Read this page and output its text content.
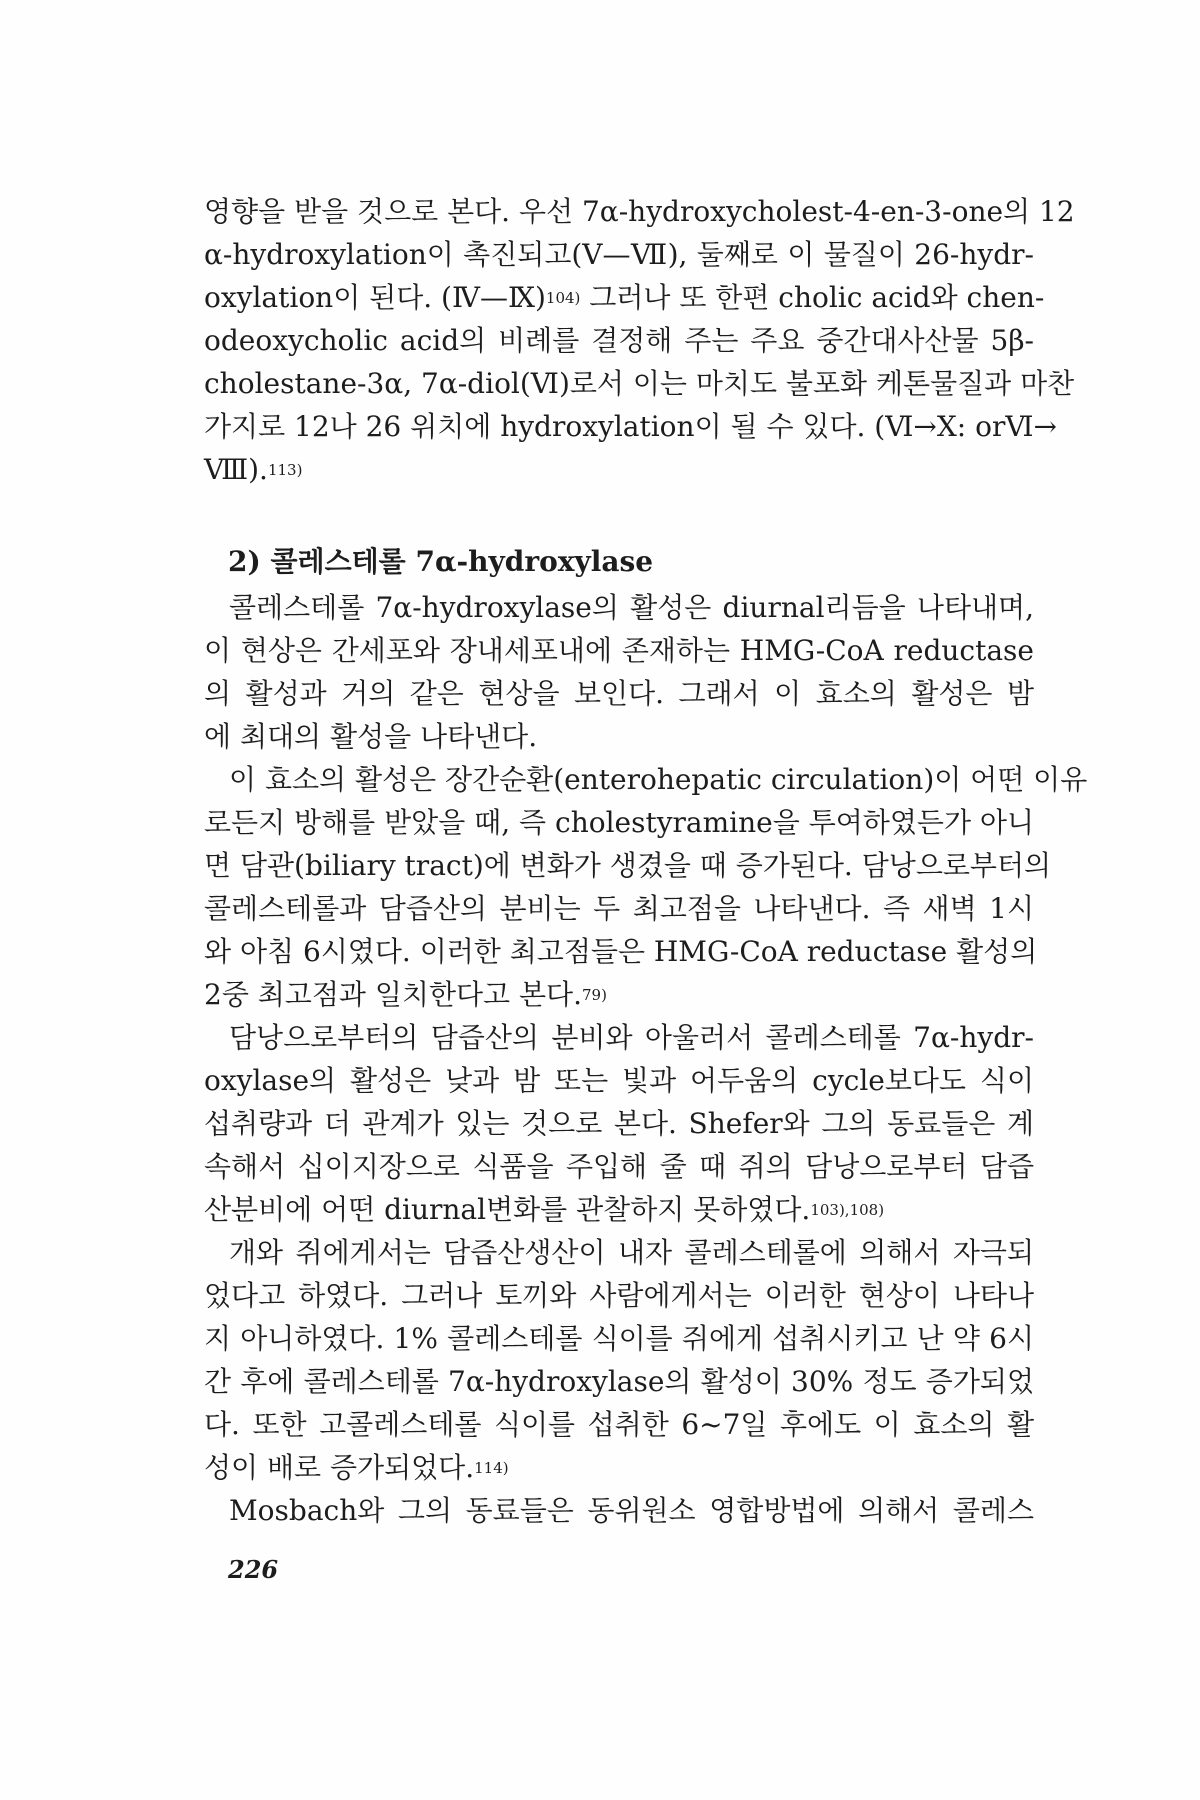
영향을 받을 것으로 본다. 우선 7α-hydroxycholest-4-en-3-one의 12
α-hydroxylation이 촉진되고(V—Ⅶ), 둘째로 이 물질이 26-hydr-
oxylation이 된다. (Ⅳ—Ⅸ)$^{104)}$ 그러나 또 한편 cholic acid와 chen-
odeoxycholic acid의 비례를 결정해 주는 주요 중간대사산물 5β-
cholestane-3α, 7α-diol(Ⅵ)로서 이는 마치도 불포화 케톤물질과 마찬
가지로 12나 26 위치에 hydroxylation이 될 수 있다. (Ⅵ→X: orⅥ→
Ⅷ).$^{113)}$
2) 콜레스테롤 7α-hydroxylase
콜레스테롤 7α-hydroxylase의 활성은 diurnal리듬을 나타내며,
이 현상은 간세포와 장내세포내에 존재하는 HMG-CoA reductase
의 활성과 거의 같은 현상을 보인다. 그래서 이 효소의 활성은 밤
에 최대의 활성을 나타낸다.
이 효소의 활성은 장간순환(enterohepatic circulation)이 어떤 이유
로든지 방해를 받았을 때, 즉 cholestyramine을 투여하였든가 아니
면 담관(biliary tract)에 변화가 생겼을 때 증가된다. 담낭으로부터의
콜레스테롤과 담즙산의 분비는 두 최고점을 나타낸다. 즉 새벽 1시
와 아침 6시였다. 이러한 최고점들은 HMG-CoA reductase 활성의
2중 최고점과 일치한다고 본다.$^{79)}$
담낭으로부터의 담즙산의 분비와 아울러서 콜레스테롤 7α-hydr-
oxylase의 활성은 낮과 밤 또는 빛과 어두움의 cycle보다도 식이
섭취량과 더 관계가 있는 것으로 본다. Shefer와 그의 동료들은 계
속해서 십이지장으로 식품을 주입해 줄 때 쥐의 담낭으로부터 담즙
산분비에 어떤 diurnal변화를 관찰하지 못하였다.$^{103),108)}$
개와 쥐에게서는 담즙산생산이 내자 콜레스테롤에 의해서 자극되
었다고 하였다. 그러나 토끼와 사람에게서는 이러한 현상이 나타나
지 아니하였다. 1% 콜레스테롤 식이를 쥐에게 섭취시키고 난 약 6시
간 후에 콜레스테롤 7α-hydroxylase의 활성이 30% 정도 증가되었
다. 또한 고콜레스테롤 식이를 섭취한 6~7일 후에도 이 효소의 활
성이 배로 증가되었다.$^{114)}$
Mosbach와 그의 동료들은 동위원소 영합방법에 의해서 콜레스
226
